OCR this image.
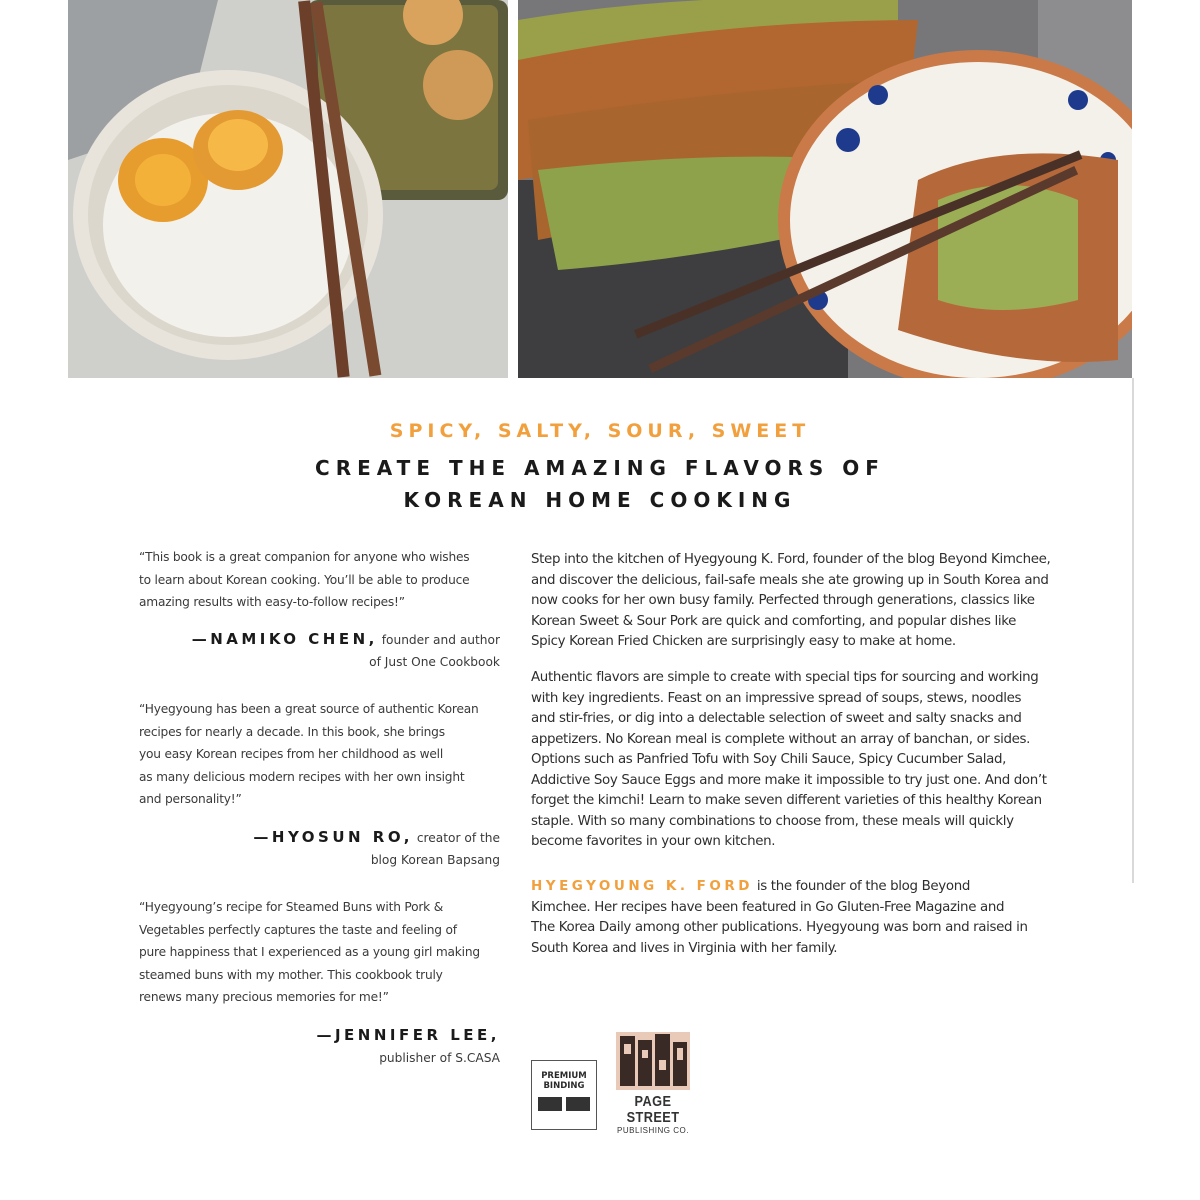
SPICY, SALTY, SOUR, SWEET
CREATE THE AMAZING FLAVORS OF
KOREAN HOME COOKING
“This book is a great companion for anyone who wishes
to learn about Korean cooking. You’ll be able to produce
amazing results with easy-to-follow recipes!”
—NAMIKO CHEN, founder and author
of Just One Cookbook
“Hyegyoung has been a great source of authentic Korean
recipes for nearly a decade. In this book, she brings
you easy Korean recipes from her childhood as well
as many delicious modern recipes with her own insight
and personality!”
—HYOSUN RO, creator of the
blog Korean Bapsang
“Hyegyoung’s recipe for Steamed Buns with Pork &
Vegetables perfectly captures the taste and feeling of
pure happiness that I experienced as a young girl making
steamed buns with my mother. This cookbook truly
renews many precious memories for me!”
—JENNIFER LEE,
publisher of S.CASA
Step into the kitchen of Hyegyoung K. Ford, founder of the blog Beyond Kimchee,
and discover the delicious, fail-safe meals she ate growing up in South Korea and
now cooks for her own busy family. Perfected through generations, classics like
Korean Sweet & Sour Pork are quick and comforting, and popular dishes like
Spicy Korean Fried Chicken are surprisingly easy to make at home.
Authentic flavors are simple to create with special tips for sourcing and working
with key ingredients. Feast on an impressive spread of soups, stews, noodles
and stir-fries, or dig into a delectable selection of sweet and salty snacks and
appetizers. No Korean meal is complete without an array of banchan, or sides.
Options such as Panfried Tofu with Soy Chili Sauce, Spicy Cucumber Salad,
Addictive Soy Sauce Eggs and more make it impossible to try just one. And don’t
forget the kimchi! Learn to make seven different varieties of this healthy Korean
staple. With so many combinations to choose from, these meals will quickly
become favorites in your own kitchen.
HYEGYOUNG K. FORD is the founder of the blog Beyond
Kimchee. Her recipes have been featured in Go Gluten-Free Magazine and
The Korea Daily among other publications. Hyegyoung was born and raised in
South Korea and lives in Virginia with her family.
PREMIUM
BINDING
PAGE STREET
PUBLISHING CO.
